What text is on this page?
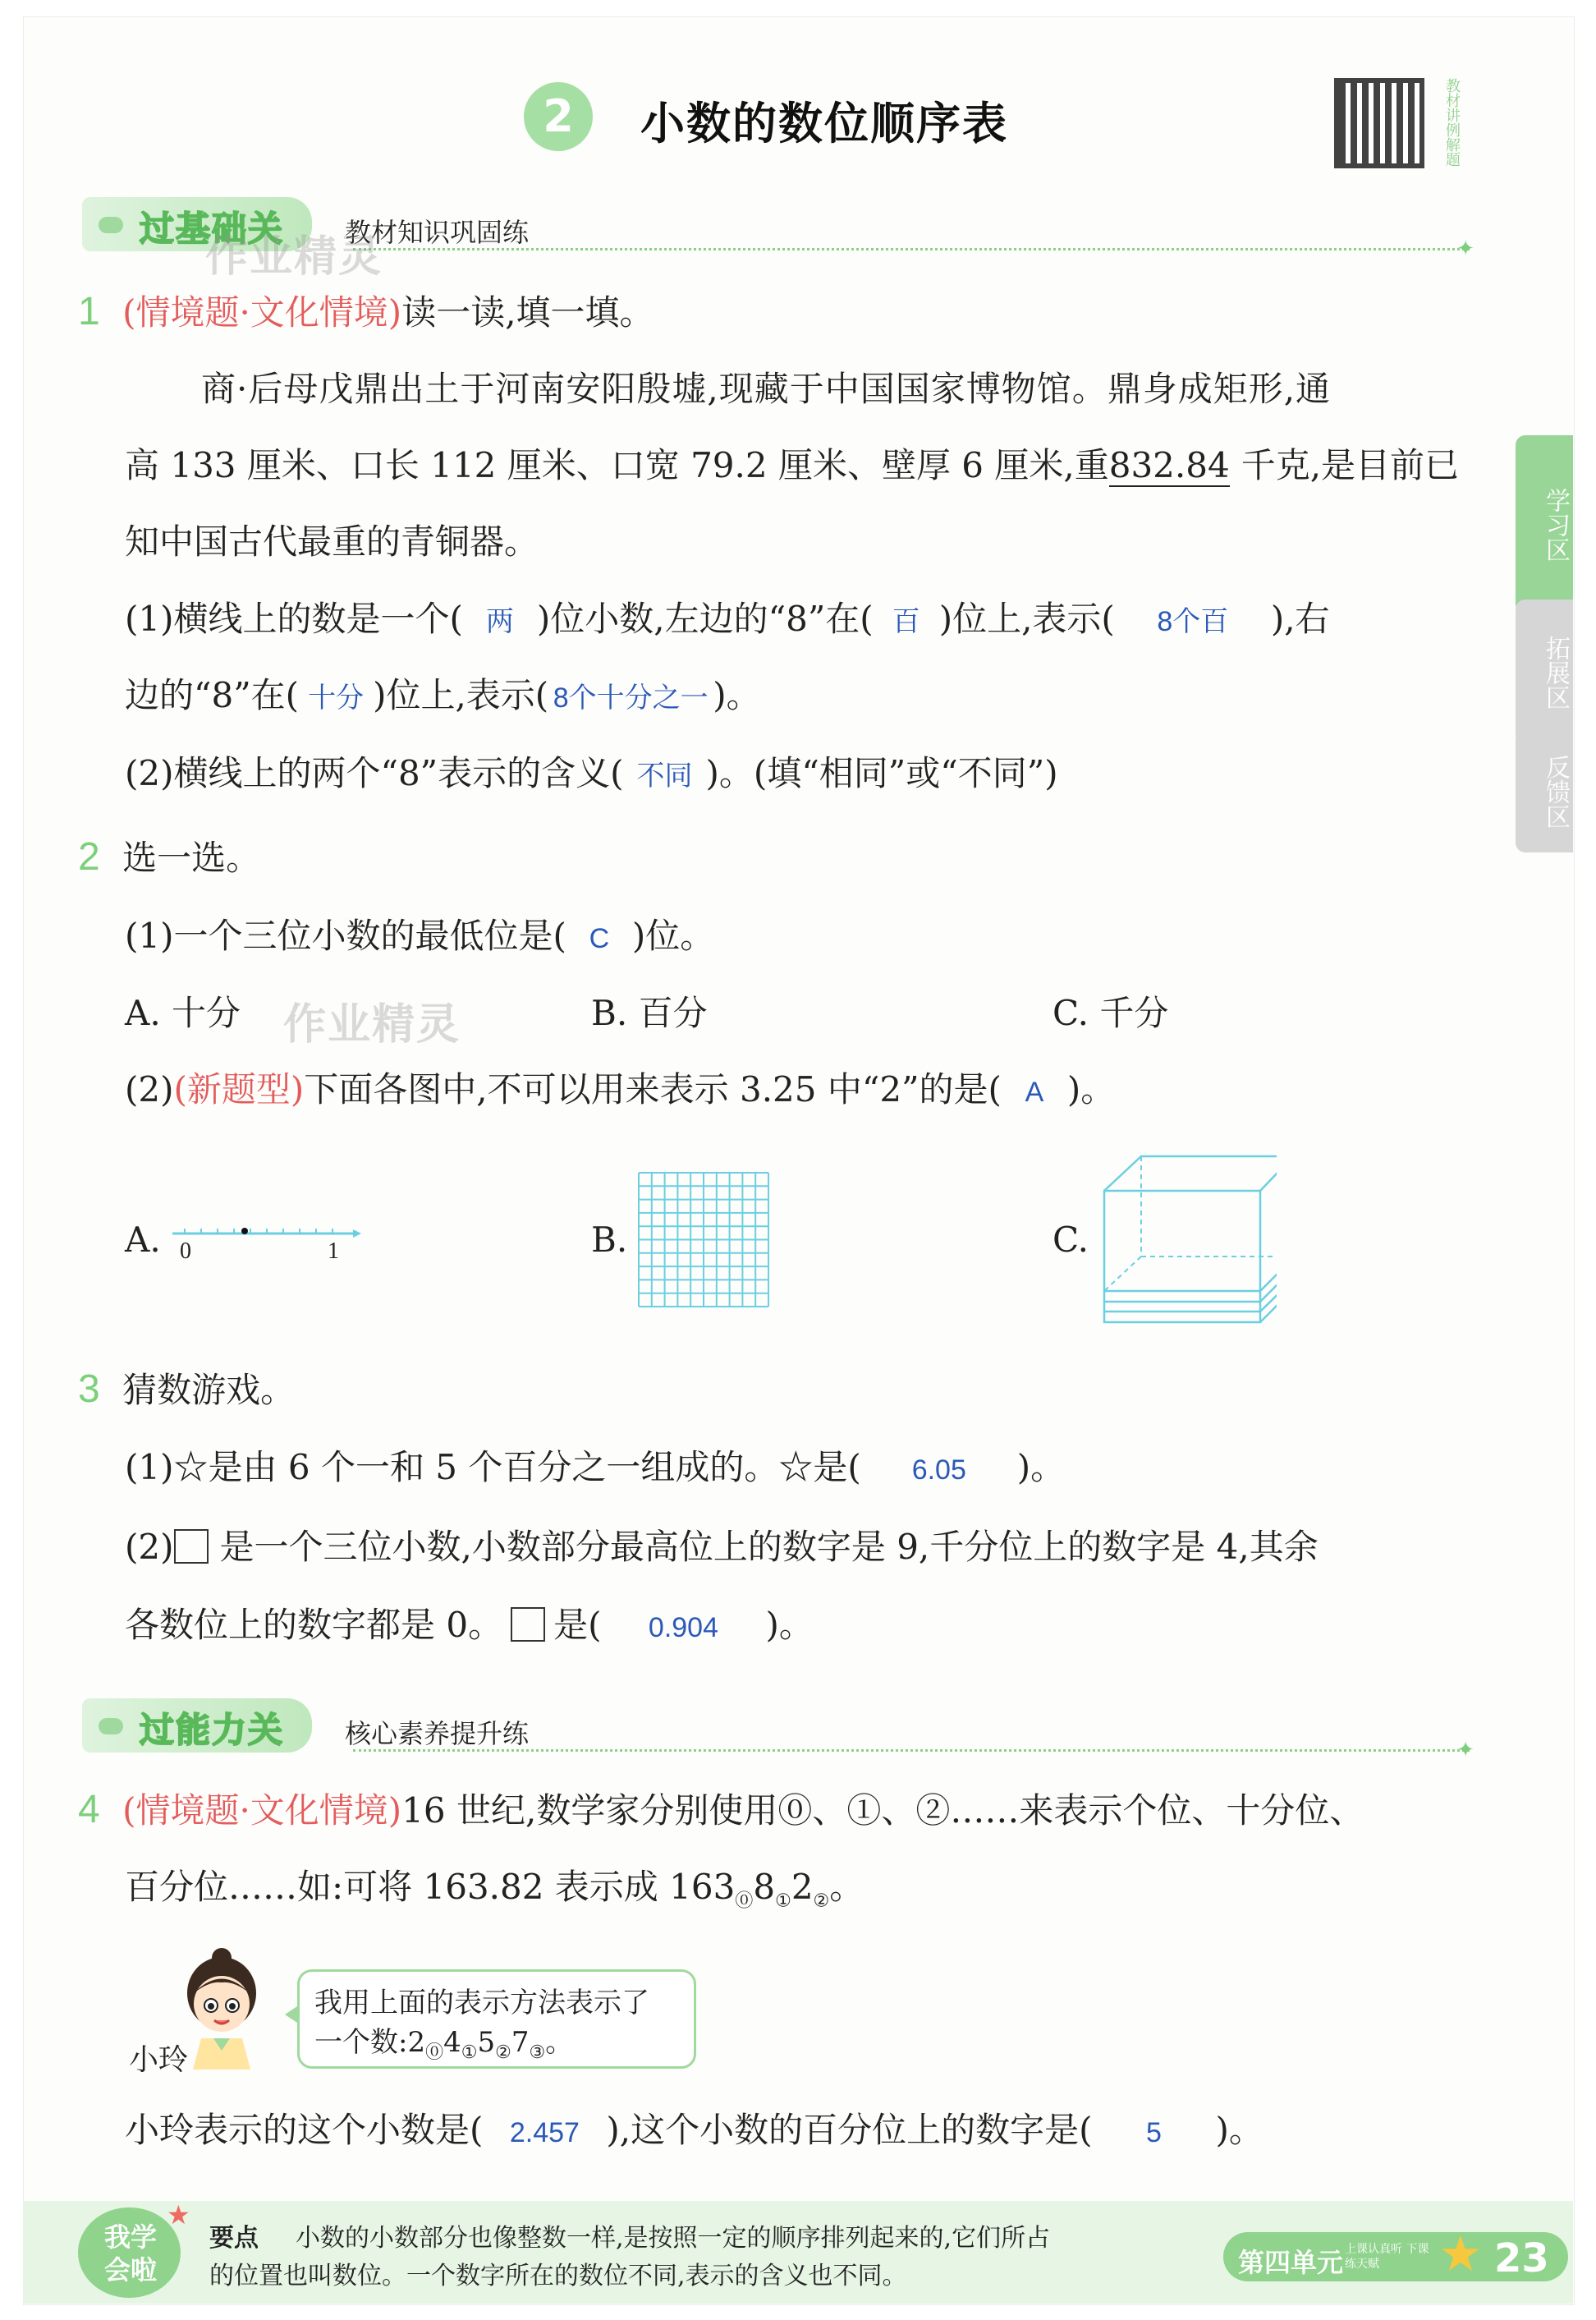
2	小数的数位顺序表	教材讲例解题
过基础关 教材知识巩固练
✦
作业精灵
学习区
拓展区
反馈区
1 (情境题·文化情境)读一读,填一填。
商·后母戊鼎出土于河南安阳殷墟,现藏于中国国家博物馆。鼎身成矩形,通
高 133 厘米、口长 112 厘米、口宽 79.2 厘米、壁厚 6 厘米,重832.84 千克,是目前已
知中国古代最重的青铜器。
(1)横线上的数是一个( 两 )位小数,左边的“8”在( 百 )位上,表示( 8个百 ),右
边的“8”在( 十分 )位上,表示( 8个十分之一 )。
(2)横线上的两个“8”表示的含义( 不同 )。(填“相同”或“不同”)
2 选一选。
(1)一个三位小数的最低位是( C )位。
A. 十分 作业精灵	B. 百分	C. 千分
(2)(新题型)下面各图中,不可以用来表示 3.25 中“2”的是( A )。
A. 0	1	B.	C.
3 猜数游戏。
(1)☆是由 6 个一和 5 个百分之一组成的。☆是( 6.05 )。
(2) 是一个三位小数,小数部分最高位上的数字是 9,千分位上的数字是 4,其余
各数位上的数字都是 0。 是( 0.904 )。
过能力关 核心素养提升练
✦
4 (情境题·文化情境)16 世纪,数学家分别使用⓪、①、②……来表示个位、十分位、
百分位……如:可将 163.82 表示成 $163_⓪8_①2_②$。
小玲
我用上面的表示方法表示了
一个数$:2_⓪4_①5_②7_③$。
小玲表示的这个小数是( 2.457 ),这个小数的百分位上的数字是( 5 )。
我学会啦
★
要点 小数的小数部分也像整数一样,是按照一定的顺序排列起来的,它们所占
的位置也叫数位。一个数字所在的数位不同,表示的含义也不同。	第四单元 上课认真听 下课练天赋	★ 23
